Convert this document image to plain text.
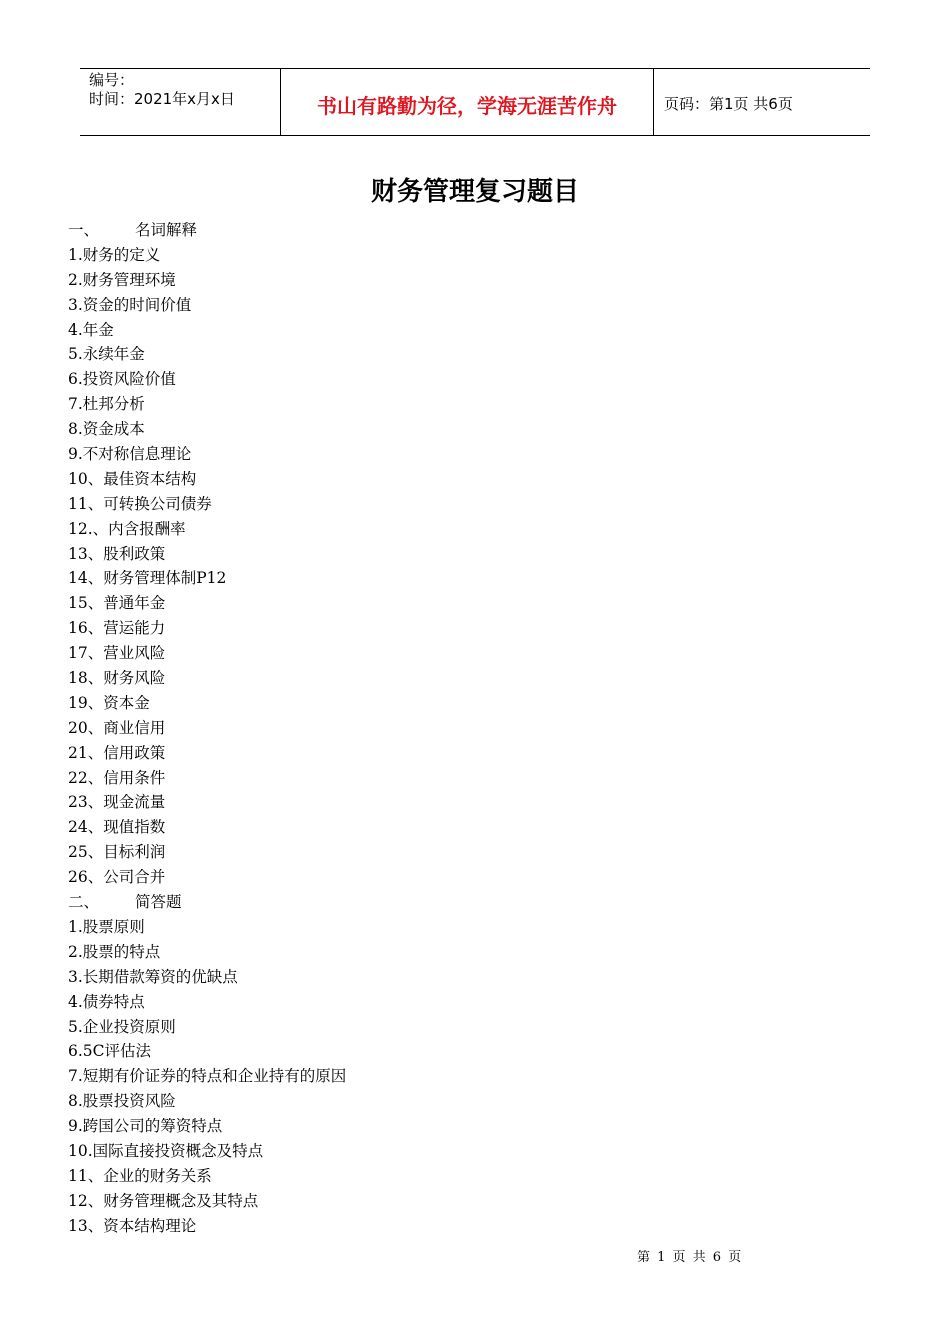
编号：
时间：2021年x月x日	书山有路勤为径，学海无涯苦作舟	页码：第1页 共6页
财务管理复习题目
一、 名词解释
1.财务的定义
2.财务管理环境
3.资金的时间价值
4.年金
5.永续年金
6.投资风险价值
7.杜邦分析
8.资金成本
9.不对称信息理论
10、最佳资本结构
11、可转换公司债券
12.、内含报酬率
13、股利政策
14、财务管理体制P12
15、普通年金
16、营运能力
17、营业风险
18、财务风险
19、资本金
20、商业信用
21、信用政策
22、信用条件
23、现金流量
24、现值指数
25、目标利润
26、公司合并
二、 简答题
1.股票原则
2.股票的特点
3.长期借款筹资的优缺点
4.债券特点
5.企业投资原则
6.5C评估法
7.短期有价证券的特点和企业持有的原因
8.股票投资风险
9.跨国公司的筹资特点
10.国际直接投资概念及特点
11、企业的财务关系
12、财务管理概念及其特点
13、资本结构理论
第 1 页 共 6 页
